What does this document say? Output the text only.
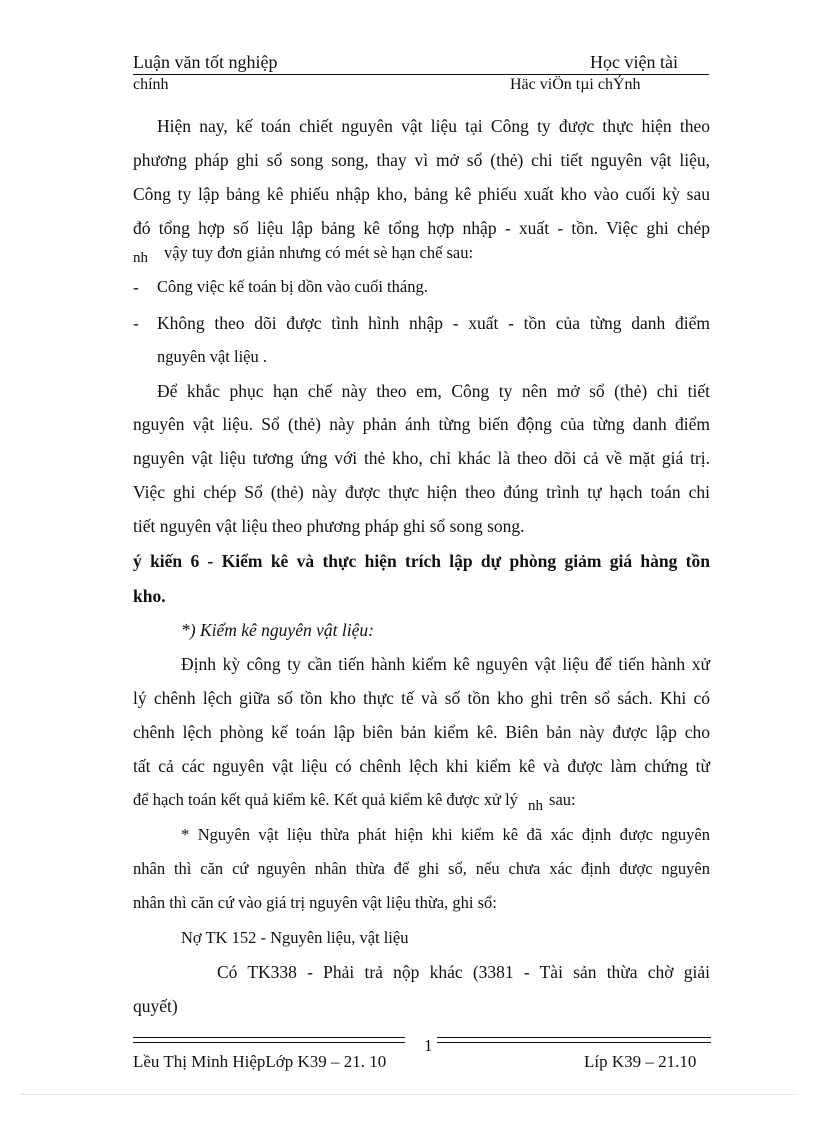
Luận văn tốt nghiệp	Học viện tài
chính	Häc viÖn tµi chÝnh
Hiện nay, kế toán chiết nguyên vật liệu tại Công ty được thực hiện theo
phương pháp ghi sổ song song, thay vì mở sổ (thẻ) chi tiết nguyên vật liệu,
Công ty lập bảng kê phiếu nhập kho, bảng kê phiếu xuất kho vào cuối kỳ sau
đó tổng hợp số liệu lập bảng kê tổng hợp nhập - xuất - tồn. Việc ghi chép
nh vậy tuy đơn giản nhưng có mét sè hạn chế sau:
- Công việc kế toán bị dồn vào cuối tháng.
- Không theo dõi được tình hình nhập - xuất - tồn của từng danh điểm
nguyên vật liệu .
Để khắc phục hạn chế này theo em, Công ty nên mở sổ (thẻ) chi tiết
nguyên vật liệu. Sổ (thẻ) này phản ánh từng biến động của từng danh điểm
nguyên vật liệu tương ứng với thẻ kho, chỉ khác là theo dõi cả về mặt giá trị.
Việc ghi chép Sổ (thẻ) này được thực hiện theo đúng trình tự hạch toán chi
tiết nguyên vật liệu theo phương pháp ghi sổ song song.
ý kiến 6 - Kiểm kê và thực hiện trích lập dự phòng giảm giá hàng tồn
kho.
*) Kiểm kê nguyên vật liệu:
Định kỳ công ty cần tiến hành kiểm kê nguyên vật liệu để tiến hành xử
lý chênh lệch giữa số tồn kho thực tế và số tồn kho ghi trên sổ sách. Khi có
chênh lệch phòng kế toán lập biên bản kiểm kê. Biên bản này được lập cho
tất cả các nguyên vật liệu có chênh lệch khi kiểm kê và được làm chứng từ
để hạch toán kết quả kiểm kê. Kết quả kiểm kê được xử lý nh sau:
* Nguyên vật liệu thừa phát hiện khi kiểm kê đã xác định được nguyên
nhân thì căn cứ nguyên nhân thừa để ghi sổ, nếu chưa xác định được nguyên
nhân thì căn cứ vào giá trị nguyên vật liệu thừa, ghi sổ:
Nợ TK 152 - Nguyên liệu, vật liệu
Có TK338 - Phải trả nộp khác (3381 - Tài sản thừa chờ giải
quyết)
1
Lều Thị Minh HiệpLớp K39 – 21. 10	Líp K39 – 21.10
